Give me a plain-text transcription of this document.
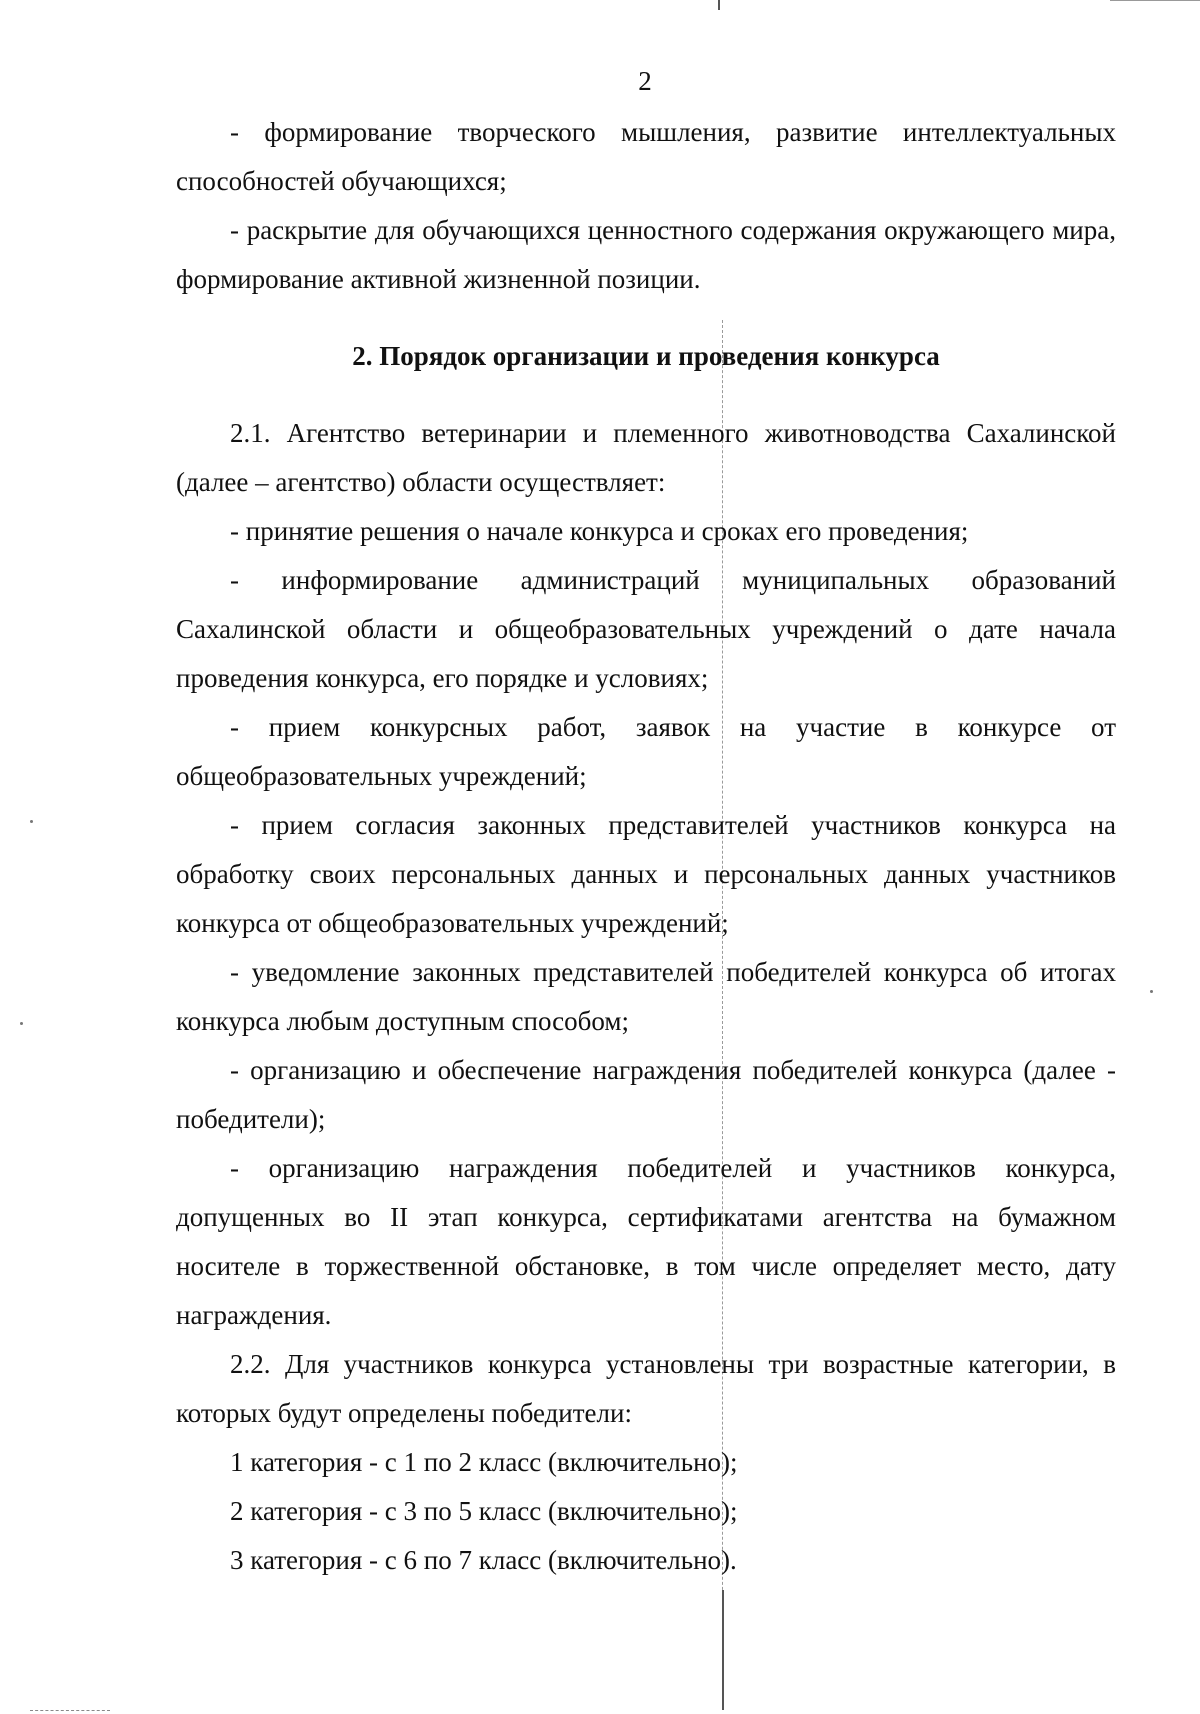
2

- формирование творческого мышления, развитие интеллектуальных способностей обучающихся;

- раскрытие для обучающихся ценностного содержания окружающего мира, формирование активной жизненной позиции.

2. Порядок организации и проведения конкурса

2.1. Агентство ветеринарии и племенного животноводства Сахалинской (далее – агентство) области осуществляет:

- принятие решения о начале конкурса и сроках его проведения;

- информирование администраций муниципальных образований Сахалинской области и общеобразовательных учреждений о дате начала проведения конкурса, его порядке и условиях;

- прием конкурсных работ, заявок на участие в конкурсе от общеобразовательных учреждений;

- прием согласия законных представителей участников конкурса на обработку своих персональных данных и персональных данных участников конкурса от общеобразовательных учреждений;

- уведомление законных представителей победителей конкурса об итогах конкурса любым доступным способом;

- организацию и обеспечение награждения победителей конкурса (далее - победители);

- организацию награждения победителей и участников конкурса, допущенных во II этап конкурса, сертификатами агентства на бумажном носителе в торжественной обстановке, в том числе определяет место, дату награждения.

2.2. Для участников конкурса установлены три возрастные категории, в которых будут определены победители:

1 категория - с 1 по 2 класс (включительно);

2 категория - с 3 по 5 класс (включительно);

3 категория - с 6 по 7 класс (включительно).
